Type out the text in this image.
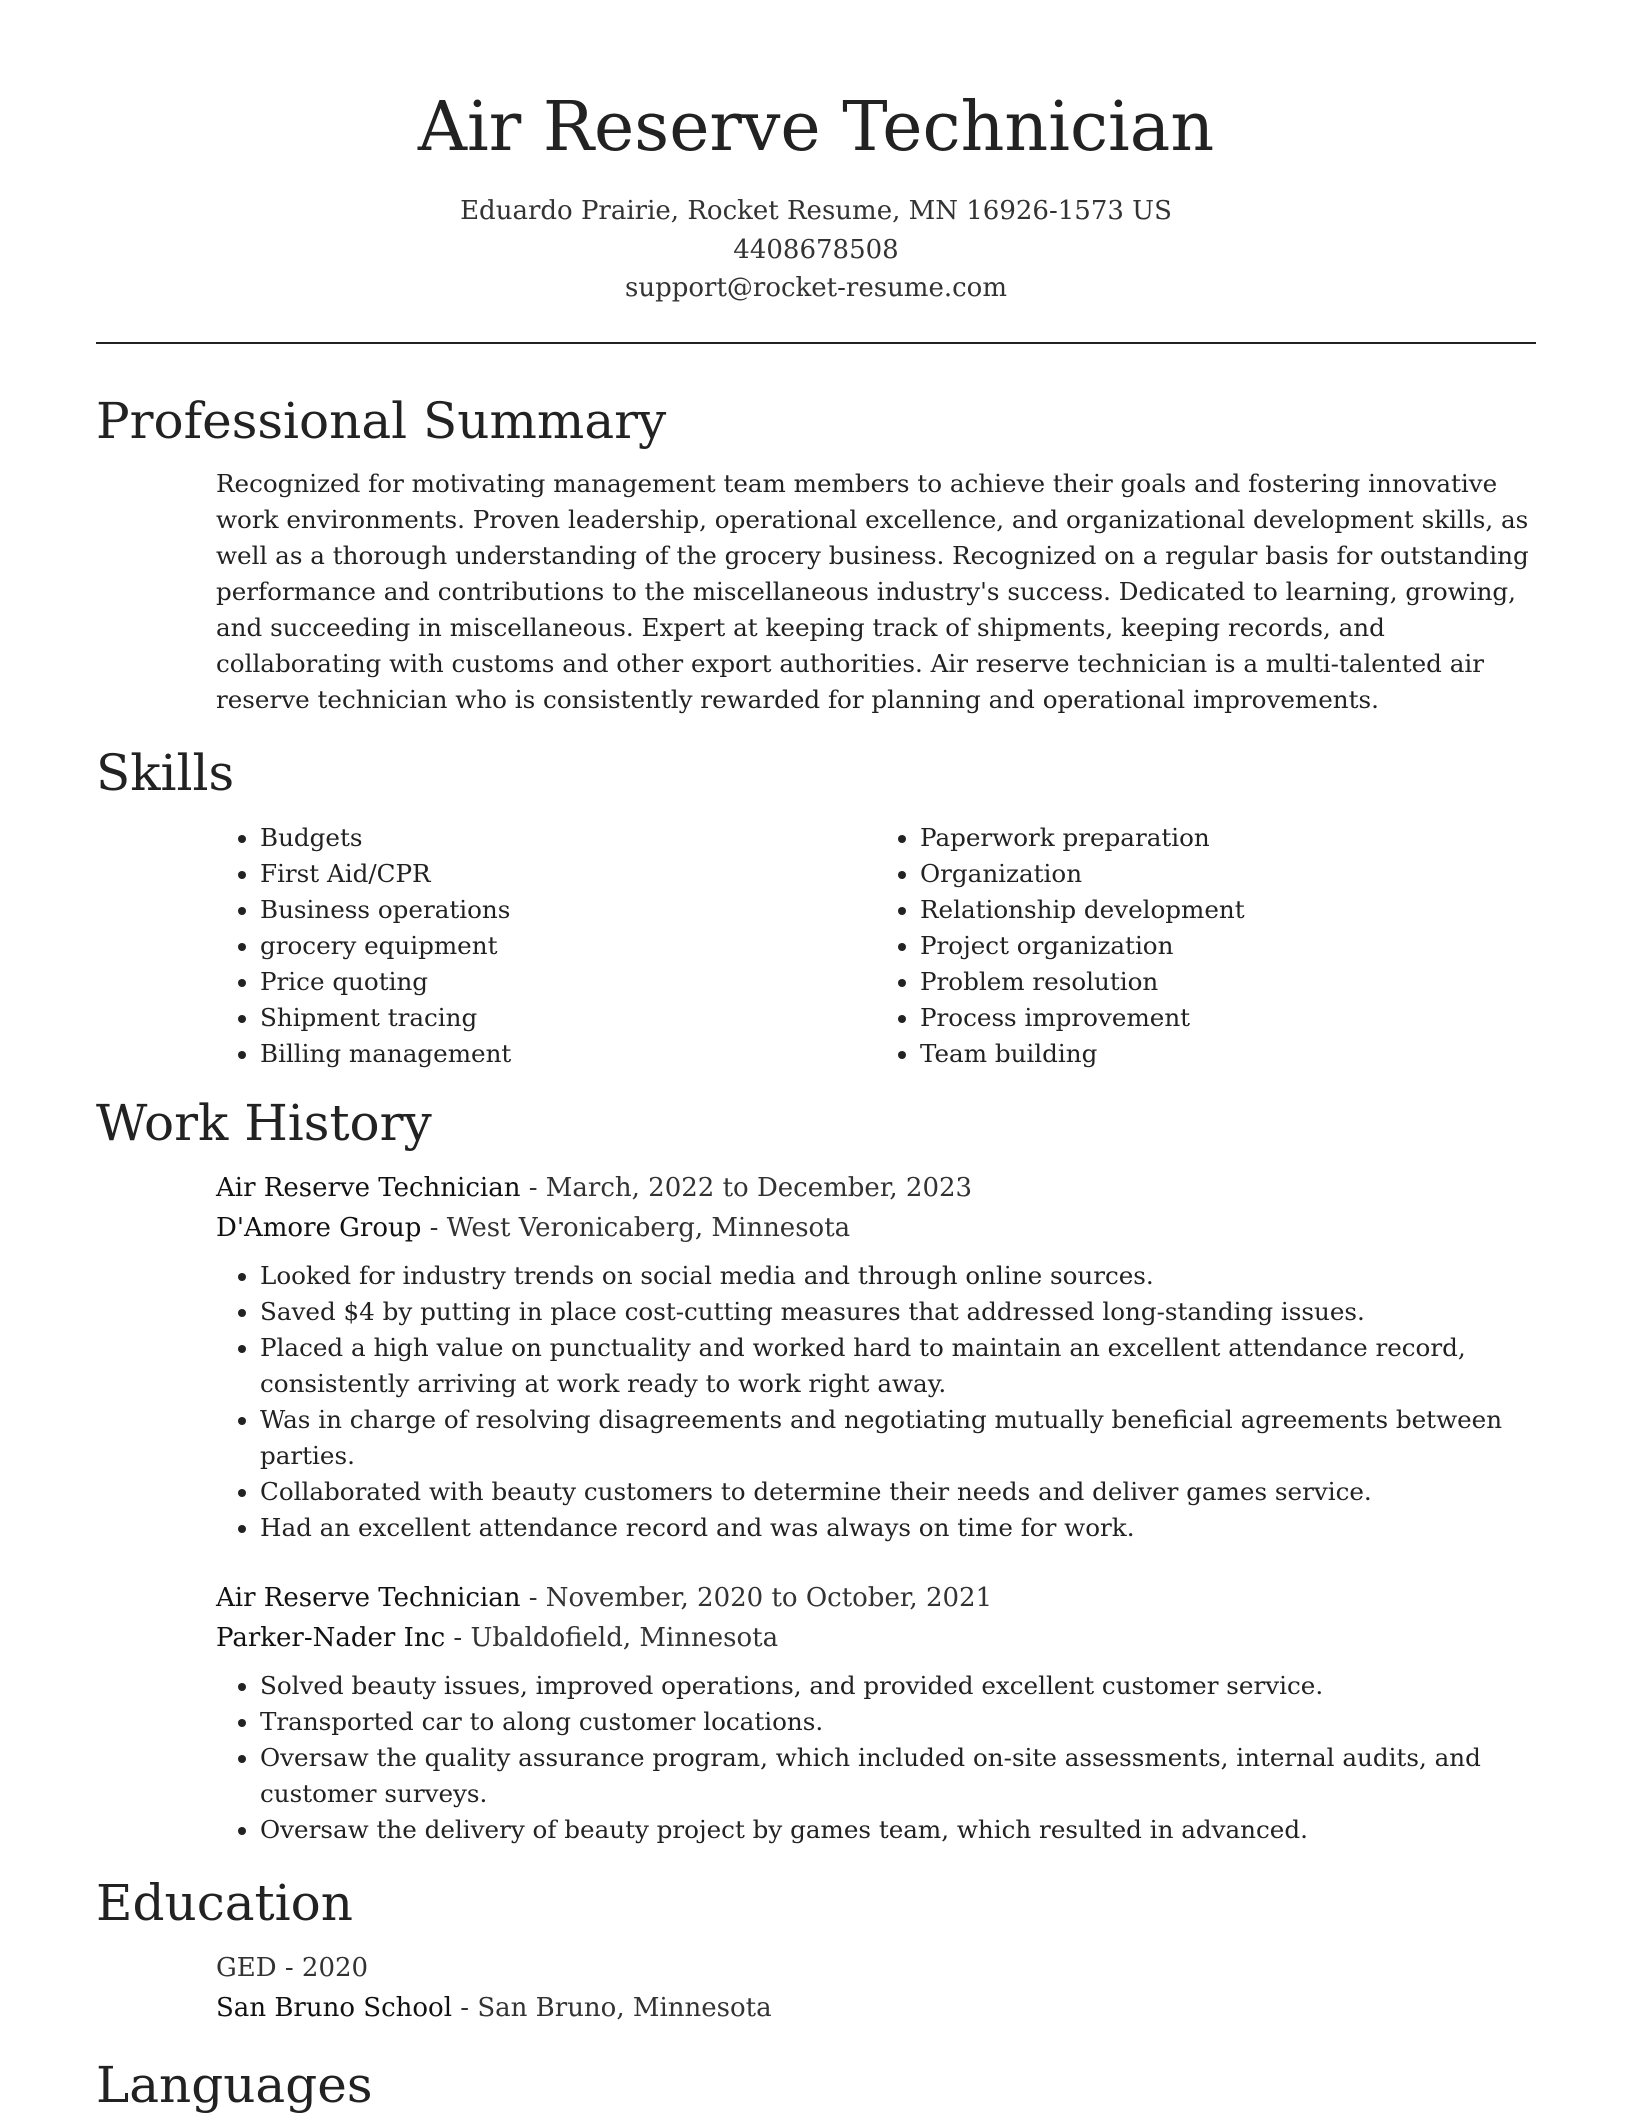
Air Reserve Technician
Eduardo Prairie, Rocket Resume, MN 16926-1573 US
4408678508
support@rocket-resume.com
Professional Summary

Recognized for motivating management team members to achieve their goals and fostering innovative work environments. Proven leadership, operational excellence, and organizational development skills, as well as a thorough understanding of the grocery business. Recognized on a regular basis for outstanding performance and contributions to the miscellaneous industry's success. Dedicated to learning, growing, and succeeding in miscellaneous. Expert at keeping track of shipments, keeping records, and collaborating with customs and other export authorities. Air reserve technician is a multi-talented air reserve technician who is consistently rewarded for planning and operational improvements.

Skills
• Budgets
• First Aid/CPR
• Business operations
• grocery equipment
• Price quoting
• Shipment tracing
• Billing management
• Paperwork preparation
• Organization
• Relationship development
• Project organization
• Problem resolution
• Process improvement
• Team building
Work History
Air Reserve Technician - March, 2022 to December, 2023
D'Amore Group - West Veronicaberg, Minnesota
• Looked for industry trends on social media and through online sources.
• Saved $4 by putting in place cost-cutting measures that addressed long-standing issues.
• Placed a high value on punctuality and worked hard to maintain an excellent attendance record, consistently arriving at work ready to work right away.
• Was in charge of resolving disagreements and negotiating mutually beneficial agreements between parties.
• Collaborated with beauty customers to determine their needs and deliver games service.
• Had an excellent attendance record and was always on time for work.
Air Reserve Technician - November, 2020 to October, 2021
Parker-Nader Inc - Ubaldofield, Minnesota
• Solved beauty issues, improved operations, and provided excellent customer service.
• Transported car to along customer locations.
• Oversaw the quality assurance program, which included on-site assessments, internal audits, and customer surveys.
• Oversaw the delivery of beauty project by games team, which resulted in advanced.
Education
GED - 2020
San Bruno School - San Bruno, Minnesota
Languages
